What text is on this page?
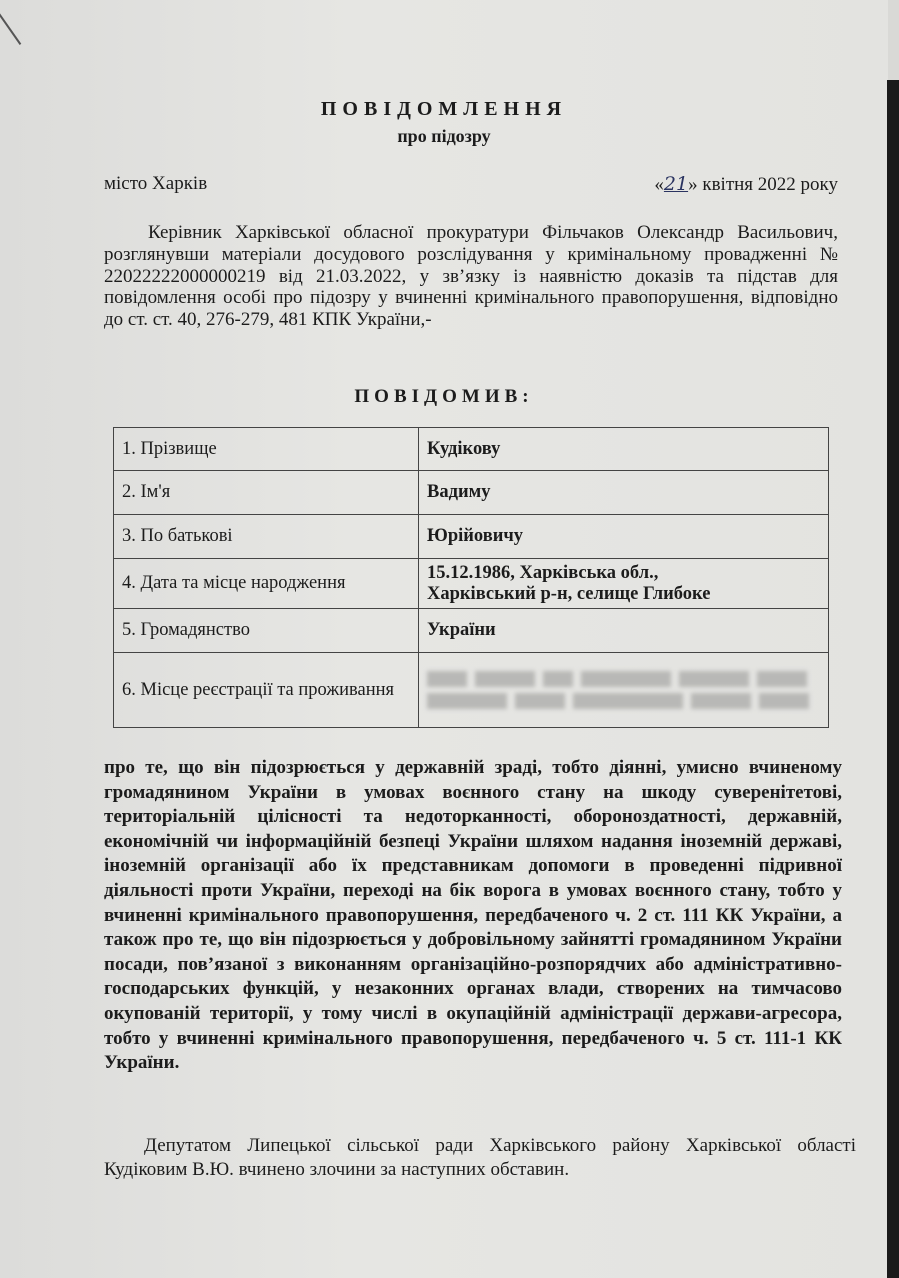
ПОВІДОМЛЕННЯ
про підозру
місто Харків	«21» квітня 2022 року
Керівник Харківської обласної прокуратури Фільчаков Олександр Васильович, розглянувши матеріали досудового розслідування у кримінальному провадженні № 22022222000000219 від 21.03.2022, у зв’язку із наявністю доказів та підстав для повідомлення особі про підозру у вчиненні кримінального правопорушення, відповідно до ст. ст. 40, 276-279, 481 КПК України,-
ПОВІДОМИВ:
1. Прізвище	Кудікову
2. Ім'я	Вадиму
3. По батькові	Юрійовичу
4. Дата та місце народження	15.12.1986, Харківська обл.,
Харківський р-н, селище Глибоке

5. Громадянство	України
6. Місце реєстрації та проживання	
про те, що він підозрюється у державній зраді, тобто діянні, умисно вчиненому громадянином України в умовах воєнного стану на шкоду суверенітетові, територіальній цілісності та недоторканності, обороноздатності, державній, економічній чи інформаційній безпеці України шляхом надання іноземній державі, іноземній організації або їх представникам допомоги в проведенні підривної діяльності проти України, переході на бік ворога в умовах воєнного стану, тобто у вчиненні кримінального правопорушення, передбаченого ч. 2 ст. 111 КК України, а також про те, що він підозрюється у добровільному зайнятті громадянином України посади, пов’язаної з виконанням організаційно-розпорядчих або адміністративно-господарських функцій, у незаконних органах влади, створених на тимчасово окупованій території, у тому числі в окупаційній адміністрації держави-агресора, тобто у вчиненні кримінального правопорушення, передбаченого ч. 5 ст. 111-1 КК України.
Депутатом Липецької сільської ради Харківського району Харківської області Кудіковим В.Ю. вчинено злочини за наступних обставин.
